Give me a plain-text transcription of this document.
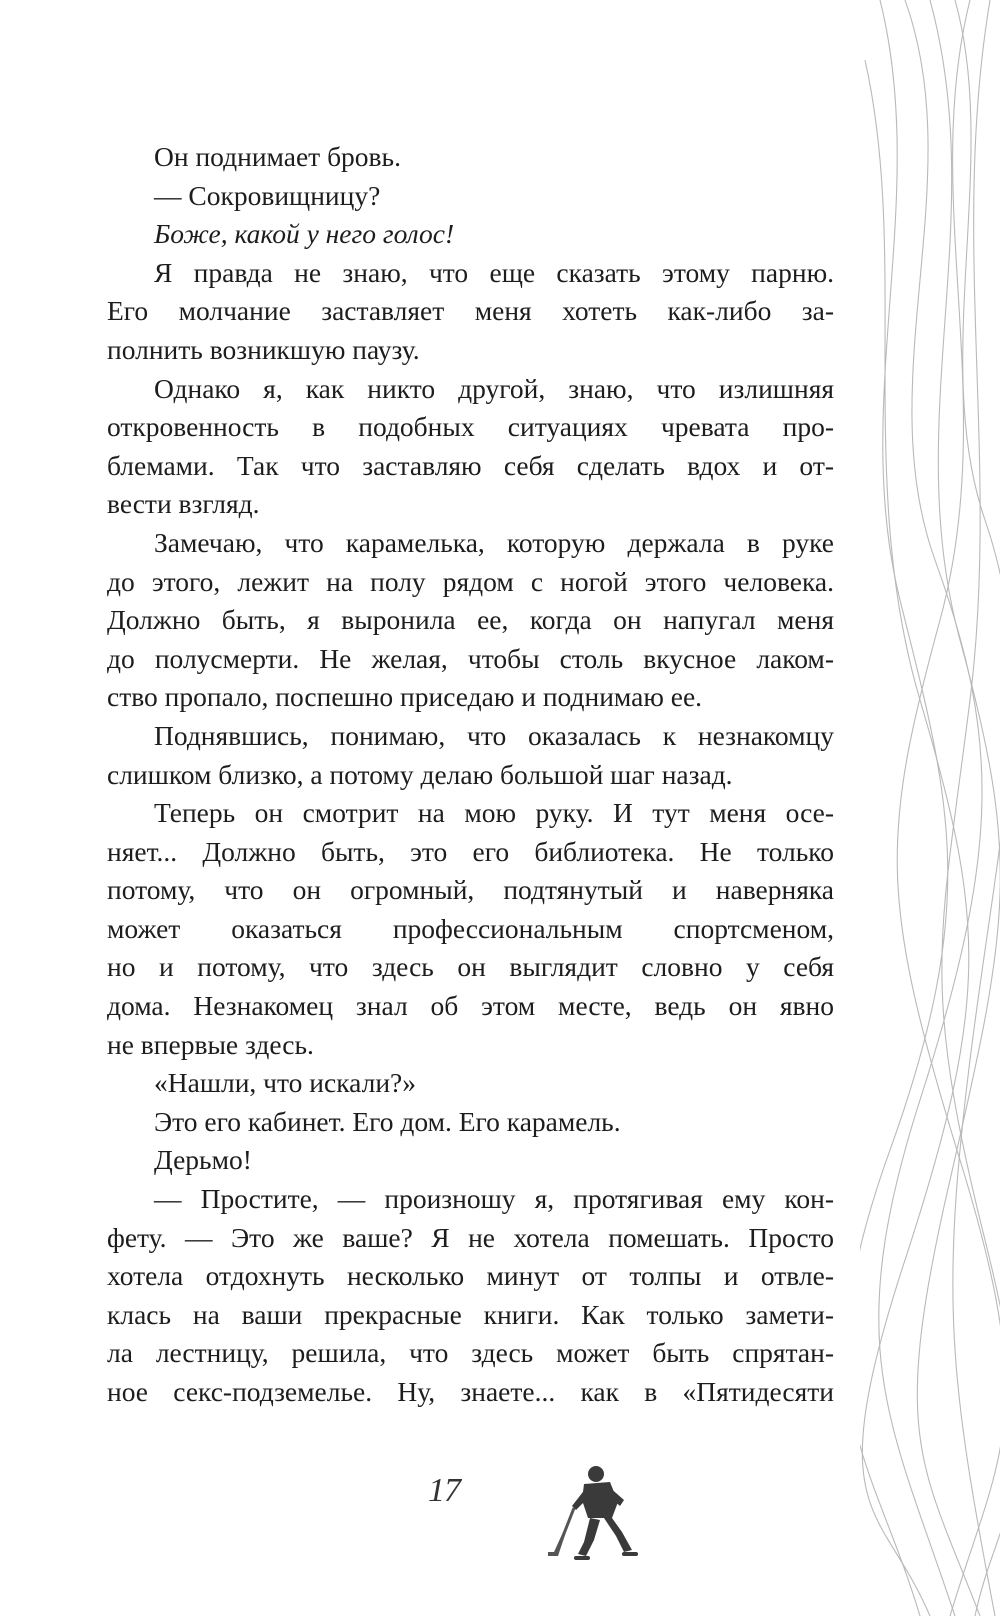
Он поднимает бровь.
— Сокровищницу?
Боже, какой у него голос!
Я правда не знаю, что еще сказать этому парню.
Его молчание заставляет меня хотеть как-либо за-
полнить возникшую паузу.
Однако я, как никто другой, знаю, что излишняя
откровенность в подобных ситуациях чревата про-
блемами. Так что заставляю себя сделать вдох и от-
вести взгляд.
Замечаю, что карамелька, которую держала в руке
до этого, лежит на полу рядом с ногой этого человека.
Должно быть, я выронила ее, когда он напугал меня
до полусмерти. Не желая, чтобы столь вкусное лаком-
ство пропало, поспешно приседаю и поднимаю ее.
Поднявшись, понимаю, что оказалась к незнакомцу
слишком близко, а потому делаю большой шаг назад.
Теперь он смотрит на мою руку. И тут меня осе-
няет... Должно быть, это его библиотека. Не только
потому, что он огромный, подтянутый и наверняка
может оказаться профессиональным спортсменом,
но и потому, что здесь он выглядит словно у себя
дома. Незнакомец знал об этом месте, ведь он явно
не впервые здесь.
«Нашли, что искали?»
Это его кабинет. Его дом. Его карамель.
Дерьмо!
— Простите, — произношу я, протягивая ему кон-
фету. — Это же ваше? Я не хотела помешать. Просто
хотела отдохнуть несколько минут от толпы и отвле-
клась на ваши прекрасные книги. Как только замети-
ла лестницу, решила, что здесь может быть спрятан-
ное секс-подземелье. Ну, знаете... как в «Пятидесяти
17
